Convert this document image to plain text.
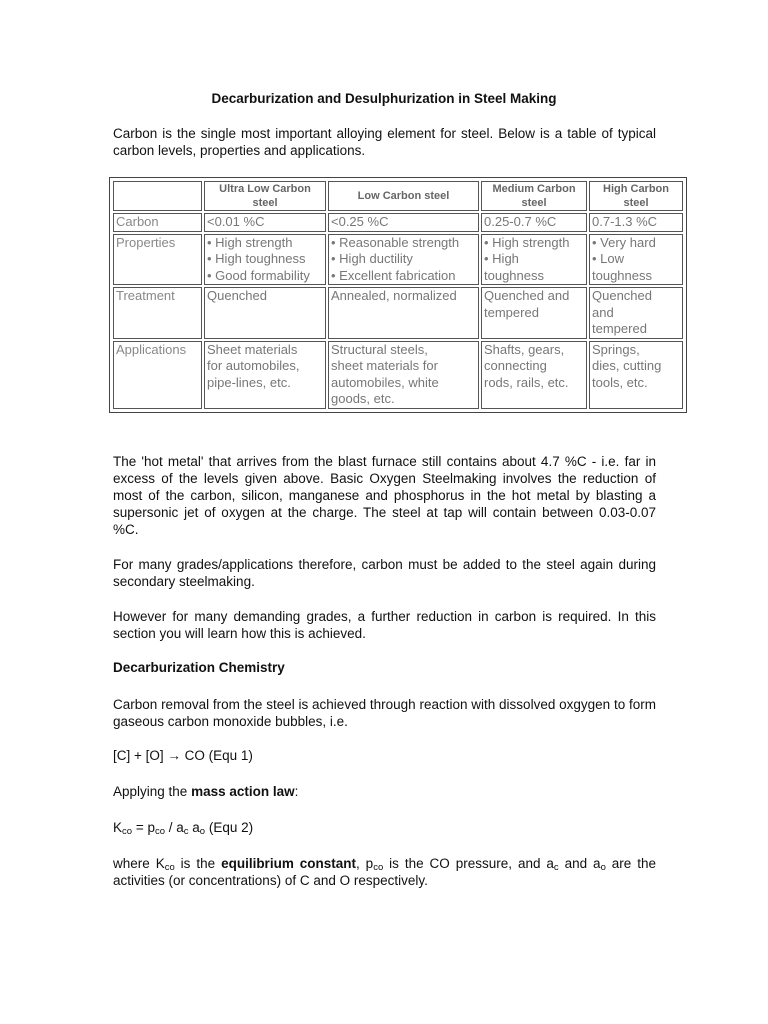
Decarburization and Desulphurization in Steel Making
Carbon is the single most important alloying element for steel. Below is a table of typical carbon levels, properties and applications.
	Ultra Low Carbon steel	Low Carbon steel	Medium Carbon steel	High Carbon steel
Carbon	<0.01 %C	<0.25 %C	0.25-0.7 %C	0.7-1.3 %C

Properties	• High strength
• High toughness
• Good formability	• Reasonable strength
• High ductility
• Excellent fabrication	• High strength
• High
toughness	• Very hard
• Low
toughness

Treatment	Quenched	Annealed, normalized	Quenched and
tempered	Quenched
and
tempered

Applications	Sheet materials
for automobiles,
pipe-lines, etc.	Structural steels,
sheet materials for
automobiles, white
goods, etc.	Shafts, gears,
connecting
rods, rails, etc.	Springs,
dies, cutting
tools, etc.
The 'hot metal' that arrives from the blast furnace still contains about 4.7 %C - i.e. far in excess of the levels given above. Basic Oxygen Steelmaking involves the reduction of most of the carbon, silicon, manganese and phosphorus in the hot metal by blasting a supersonic jet of oxygen at the charge. The steel at tap will contain between 0.03-0.07 %C.
For many grades/applications therefore, carbon must be added to the steel again during secondary steelmaking.
However for many demanding grades, a further reduction in carbon is required. In this section you will learn how this is achieved.
Decarburization Chemistry
Carbon removal from the steel is achieved through reaction with dissolved oxgygen to form gaseous carbon monoxide bubbles, i.e.
[C] + [O] → CO (Equ 1)
Applying the mass action law:
$K_{co} = p_{co} / a_c$ $a_o$ (Equ 2)
where $K_{co}$ is the equilibrium constant, $p_{co}$ is the CO pressure, and $a_c$ and $a_o$ are the activities (or concentrations) of C and O respectively.
